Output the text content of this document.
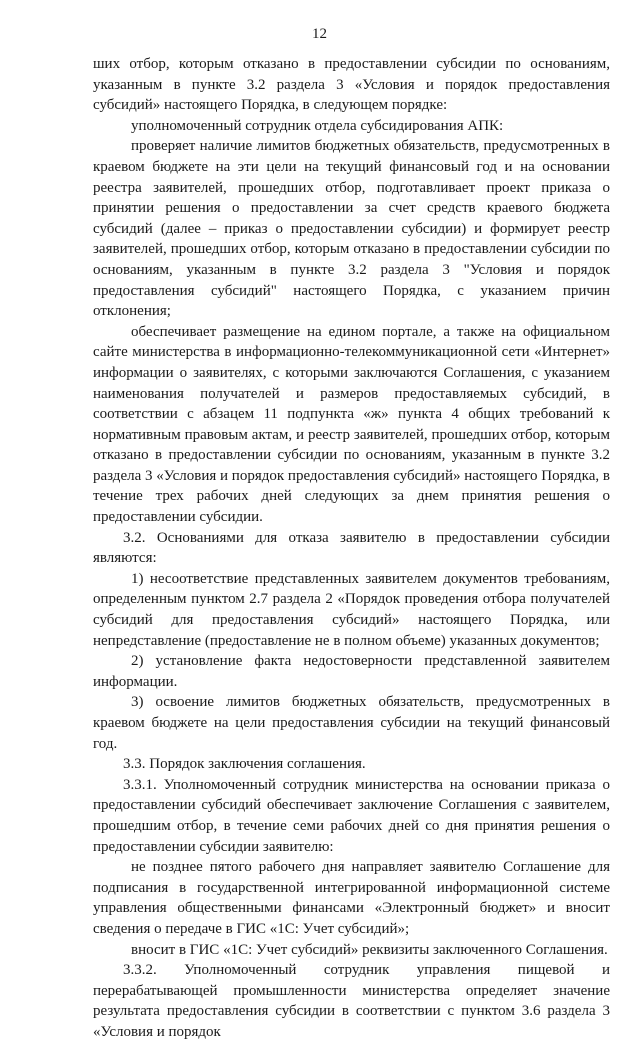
12

ших отбор, которым отказано в предоставлении субсидии по основаниям, указанным в пункте 3.2 раздела 3 «Условия и порядок предоставления субсидий» настоящего Порядка, в следующем порядке:

уполномоченный сотрудник отдела субсидирования АПК:

проверяет наличие лимитов бюджетных обязательств, предусмотренных в краевом бюджете на эти цели на текущий финансовый год и на основании реестра заявителей, прошедших отбор, подготавливает проект приказа о принятии решения о предоставлении за счет средств краевого бюджета субсидий (далее – приказ о предоставлении субсидии) и формирует реестр заявителей, прошедших отбор, которым отказано в предоставлении субсидии по основаниям, указанным в пункте 3.2 раздела 3 "Условия и порядок предоставления субсидий" настоящего Порядка, с указанием причин отклонения;

обеспечивает размещение на едином портале, а также на официальном сайте министерства в информационно-телекоммуникационной сети «Интернет» информации о заявителях, с которыми заключаются Соглашения, с указанием наименования получателей и размеров предоставляемых субсидий, в соответствии с абзацем 11 подпункта «ж» пункта 4 общих требований к нормативным правовым актам, и реестр заявителей, прошедших отбор, которым отказано в предоставлении субсидии по основаниям, указанным в пункте 3.2 раздела 3 «Условия и порядок предоставления субсидий» настоящего Порядка, в течение трех рабочих дней следующих за днем принятия решения о предоставлении субсидии.

3.2. Основаниями для отказа заявителю в предоставлении субсидии являются:

1) несоответствие представленных заявителем документов требованиям, определенным пунктом 2.7 раздела 2 «Порядок проведения отбора получателей субсидий для предоставления субсидий» настоящего Порядка, или непредставление (предоставление не в полном объеме) указанных документов;

2) установление факта недостоверности представленной заявителем информации.

3) освоение лимитов бюджетных обязательств, предусмотренных в краевом бюджете на цели предоставления субсидии на текущий финансовый год.

3.3. Порядок заключения соглашения.

3.3.1. Уполномоченный сотрудник министерства на основании приказа о предоставлении субсидий обеспечивает заключение Соглашения с заявителем, прошедшим отбор, в течение семи рабочих дней со дня принятия решения о предоставлении субсидии заявителю:

не позднее пятого рабочего дня направляет заявителю Соглашение для подписания в государственной интегрированной информационной системе управления общественными финансами «Электронный бюджет» и вносит сведения о передаче в ГИС «1С: Учет субсидий»;

вносит в ГИС «1С: Учет субсидий» реквизиты заключенного Соглашения.

3.3.2. Уполномоченный сотрудник управления пищевой и перерабатывающей промышленности министерства определяет значение результата предоставления субсидии в соответствии с пунктом 3.6 раздела 3 «Условия и порядок
